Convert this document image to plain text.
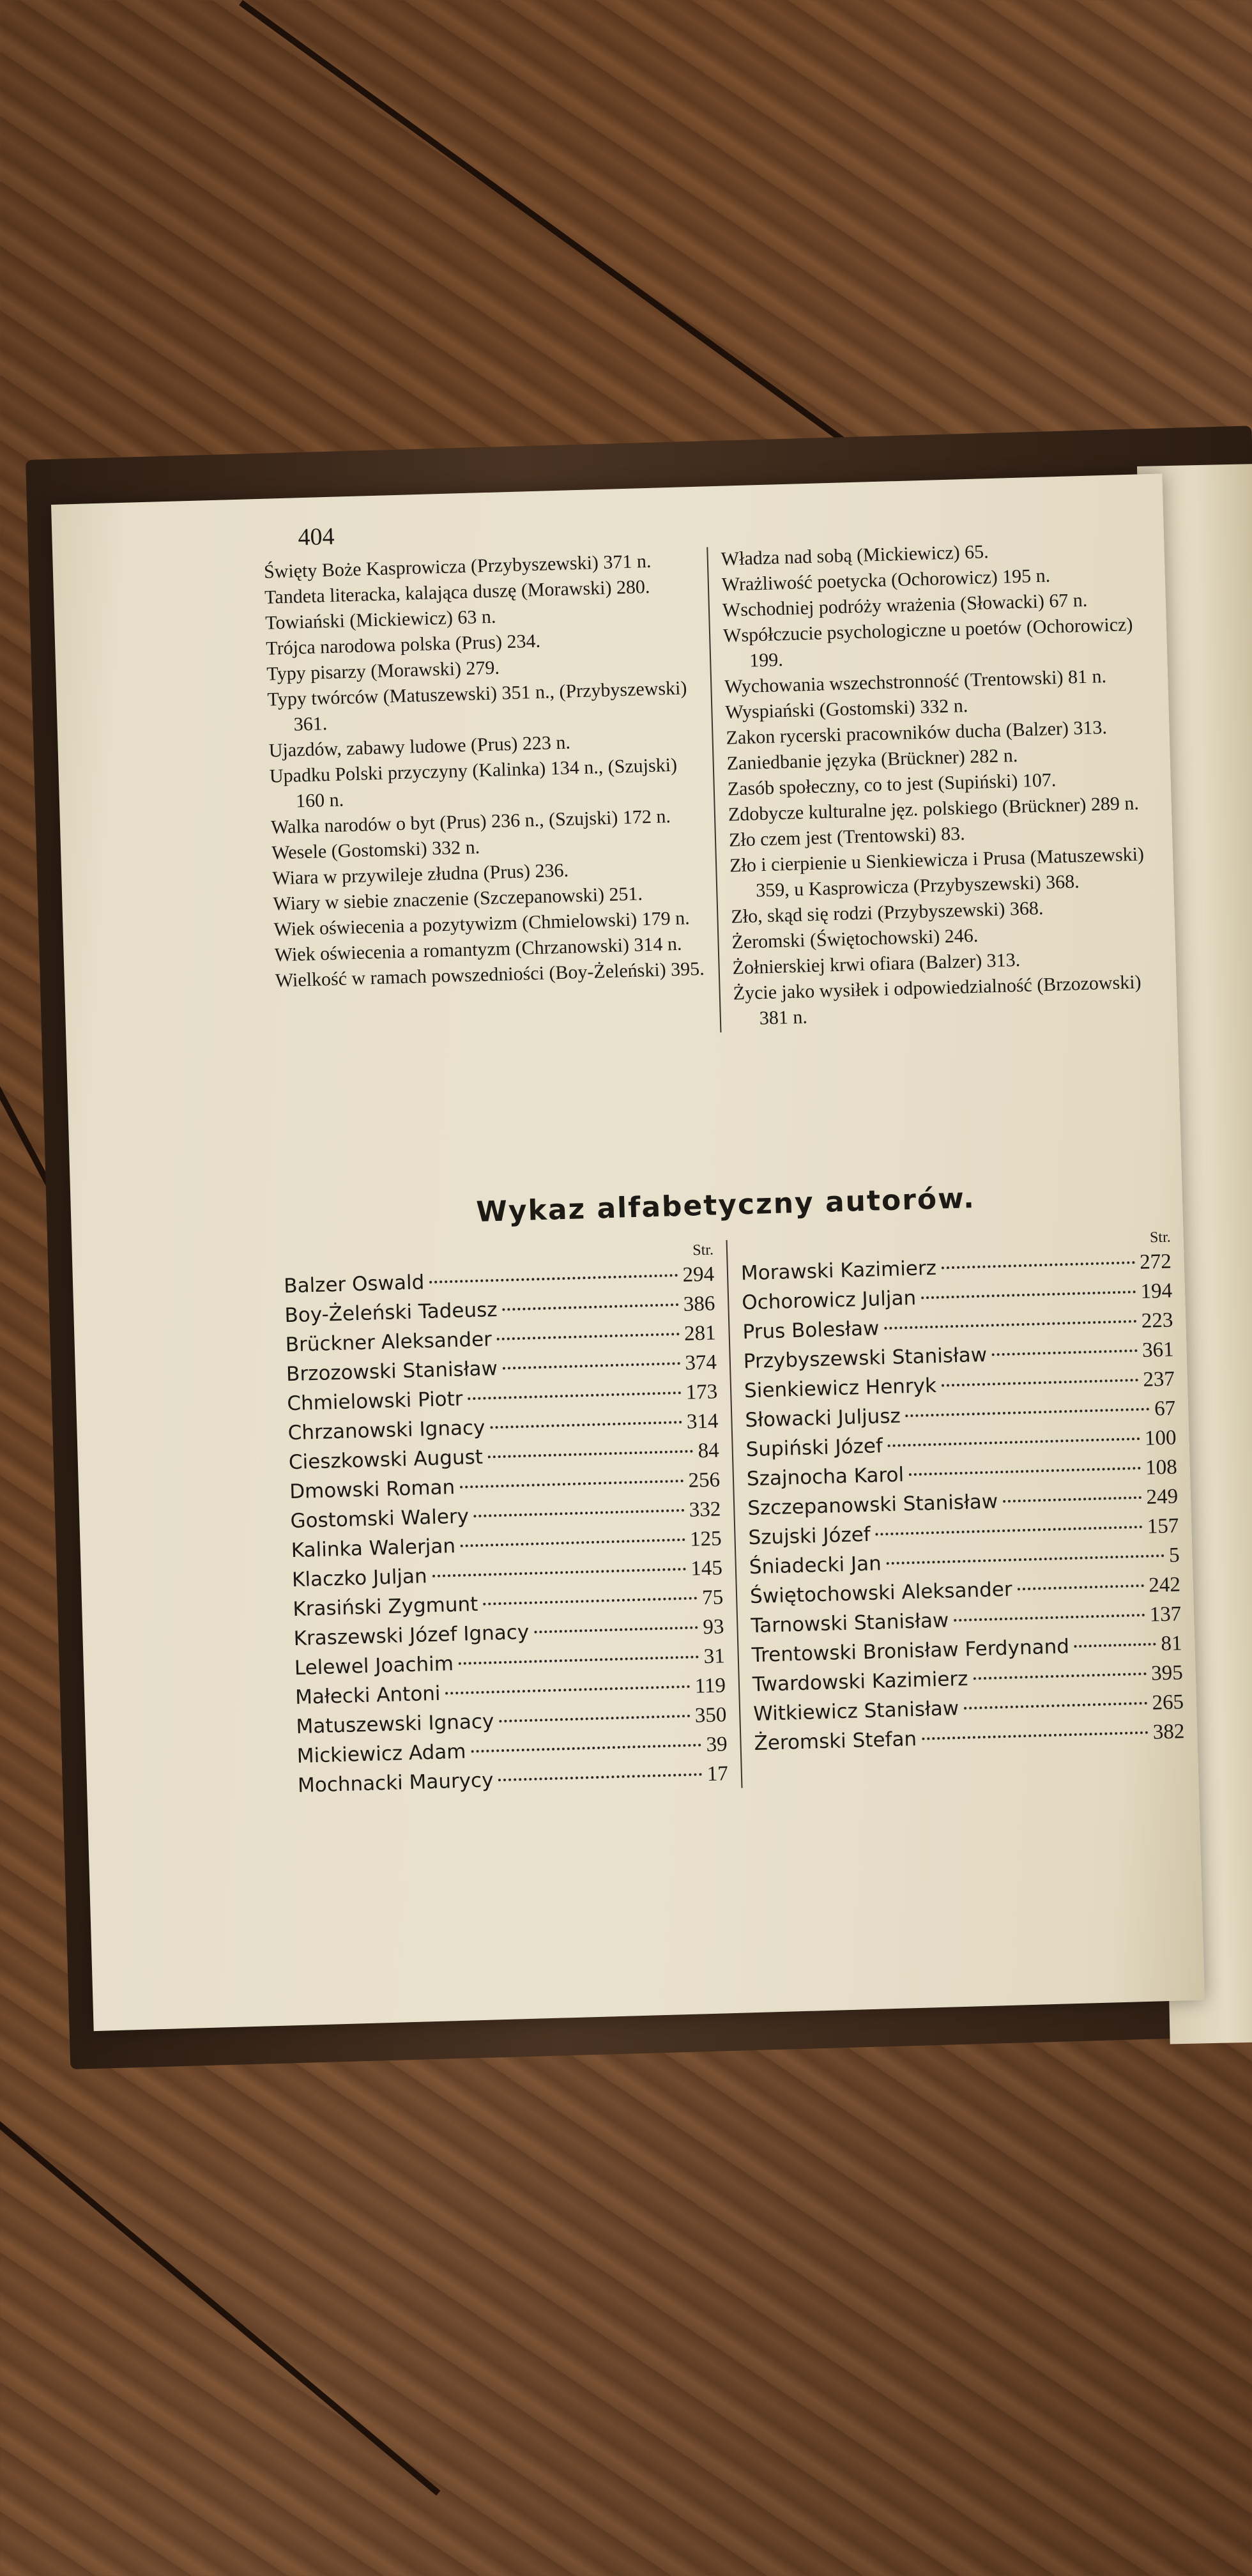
404
Święty Boże Kasprowicza (Przybyszewski) 371 n.
Tandeta literacka, kalająca duszę (Morawski) 280.
Towiański (Mickiewicz) 63 n.
Trójca narodowa polska (Prus) 234.
Typy pisarzy (Morawski) 279.
Typy twórców (Matuszewski) 351 n., (Przybyszewski) 361.
Ujazdów, zabawy ludowe (Prus) 223 n.
Upadku Polski przyczyny (Kalinka) 134 n., (Szujski) 160 n.
Walka narodów o byt (Prus) 236 n., (Szujski) 172 n.
Wesele (Gostomski) 332 n.
Wiara w przywileje złudna (Prus) 236.
Wiary w siebie znaczenie (Szczepanowski) 251.
Wiek oświecenia a pozytywizm (Chmielowski) 179 n.
Wiek oświecenia a romantyzm (Chrzanowski) 314 n.
Wielkość w ramach powszedniości (Boy-Żeleński) 395.
Władza nad sobą (Mickiewicz) 65.
Wrażliwość poetycka (Ochorowicz) 195 n.
Wschodniej podróży wrażenia (Słowacki) 67 n.
Współczucie psychologiczne u poetów (Ochorowicz) 199.
Wychowania wszechstronność (Trentowski) 81 n.
Wyspiański (Gostomski) 332 n.
Zakon rycerski pracowników ducha (Balzer) 313.
Zaniedbanie języka (Brückner) 282 n.
Zasób społeczny, co to jest (Supiński) 107.
Zdobycze kulturalne jęz. polskiego (Brückner) 289 n.
Zło czem jest (Trentowski) 83.
Zło i cierpienie u Sienkiewicza i Prusa (Matuszewski) 359, u Kasprowicza (Przybyszewski) 368.
Zło, skąd się rodzi (Przybyszewski) 368.
Żeromski (Świętochowski) 246.
Żołnierskiej krwi ofiara (Balzer) 313.
Życie jako wysiłek i odpowiedzialność (Brzozowski) 381 n.
Wykaz alfabetyczny autorów.
Str.
Balzer Oswald	294
Boy-Żeleński Tadeusz	386
Brückner Aleksander	281
Brzozowski Stanisław	374
Chmielowski Piotr	173
Chrzanowski Ignacy	314
Cieszkowski August	84
Dmowski Roman	256
Gostomski Walery	332
Kalinka Walerjan	125
Klaczko Juljan	145
Krasiński Zygmunt	75
Kraszewski Józef Ignacy	93
Lelewel Joachim	31
Małecki Antoni	119
Matuszewski Ignacy	350
Mickiewicz Adam	39
Mochnacki Maurycy	17
Str.
Morawski Kazimierz	272
Ochorowicz Juljan	194
Prus Bolesław	223
Przybyszewski Stanisław	361
Sienkiewicz Henryk	237
Słowacki Juljusz	67
Supiński Józef	100
Szajnocha Karol	108
Szczepanowski Stanisław	249
Szujski Józef	157
Śniadecki Jan	5
Świętochowski Aleksander	242
Tarnowski Stanisław	137
Trentowski Bronisław Ferdynand	81
Twardowski Kazimierz	395
Witkiewicz Stanisław	265
Żeromski Stefan	382
